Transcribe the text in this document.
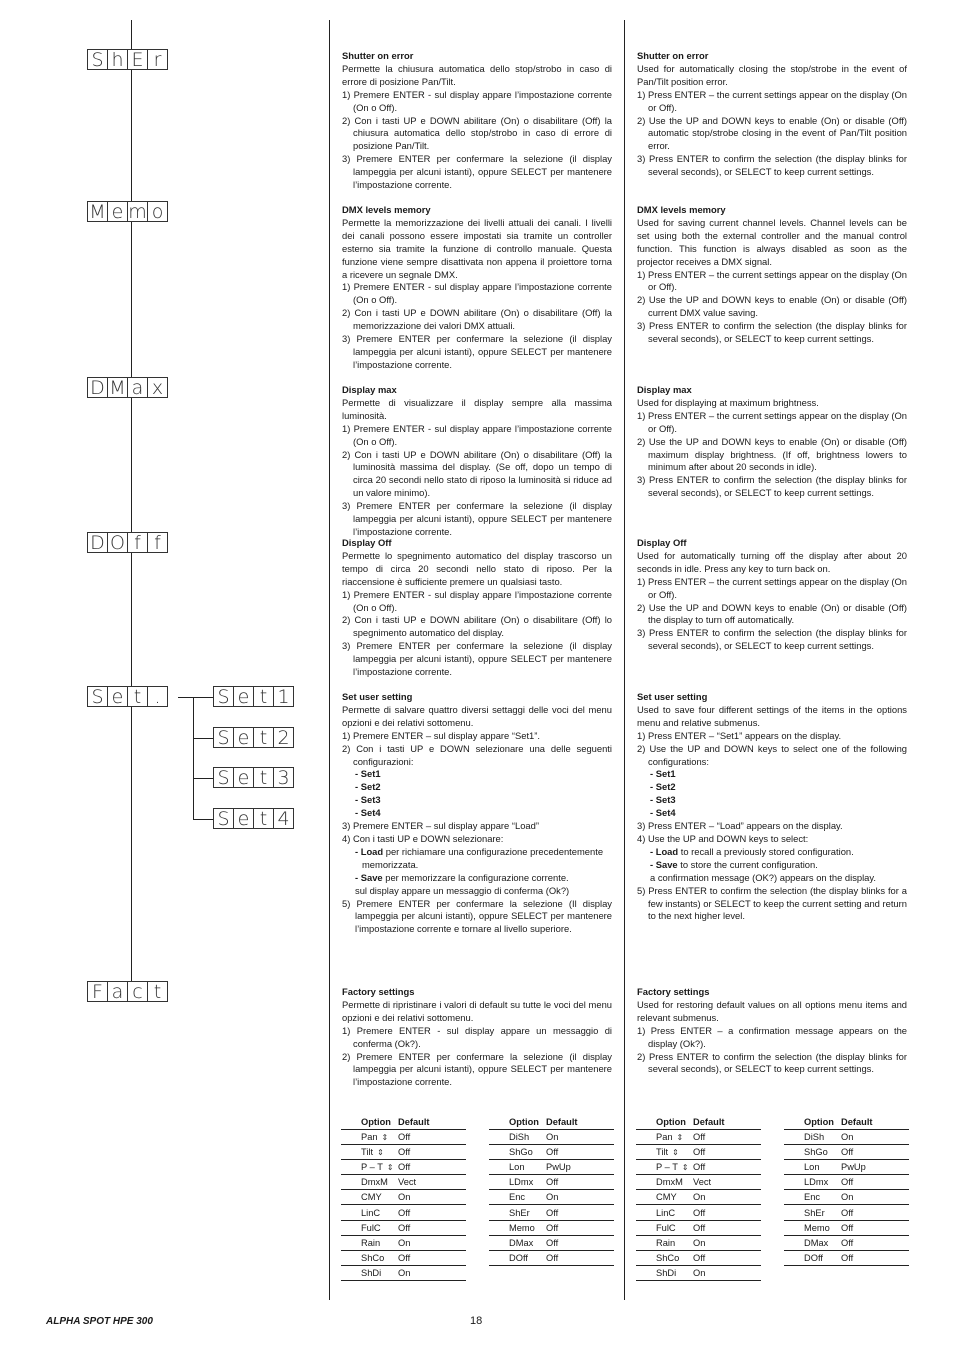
S h E r
M e m o
D M a x
D O f f
S e t .
F a c t
S e t 1
S e t 2
S e t 3
S e t 4
Shutter on error

Permette la chiusura automatica dello stop/strobo in caso di errore di posizione Pan/Tilt.

1) Premere ENTER - sul display appare l’impostazione corrente (On o Off).
2) Con i tasti UP e DOWN abilitare (On) o disabilitare (Off) la chiusura automatica dello stop/strobo in caso di errore di posizione Pan/Tilt.
3) Premere ENTER per confermare la selezione (il display lampeggia per alcuni istanti), oppure SELECT per mantenere l’impostazione corrente.
DMX levels memory

Permette la memorizzazione dei livelli attuali dei canali. I livelli dei canali possono essere impostati sia tramite un controller esterno sia tramite la funzione di controllo manuale. Questa funzione viene sempre disattivata non appena il proiettore torna a ricevere un segnale DMX.

1) Premere ENTER - sul display appare l’impostazione corrente (On o Off).
2) Con i tasti UP e DOWN abilitare (On) o disabilitare (Off) la memorizzazione dei valori DMX attuali.
3) Premere ENTER per confermare la selezione (il display lampeggia per alcuni istanti), oppure SELECT per mantenere l’impostazione corrente.
Display max

Permette di visualizzare il display sempre alla massima luminosità.

1) Premere ENTER - sul display appare l’impostazione corrente (On o Off).
2) Con i tasti UP e DOWN abilitare (On) o disabilitare (Off) la luminosità massima del display. (Se off, dopo un tempo di circa 20 secondi nello stato di riposo la luminosità si riduce ad un valore minimo).
3) Premere ENTER per confermare la selezione (il display lampeggia per alcuni istanti), oppure SELECT per mantenere l’impostazione corrente.
Display Off

Permette lo spegnimento automatico del display trascorso un tempo di circa 20 secondi nello stato di riposo. Per la riaccensione è sufficiente premere un qualsiasi tasto.

1) Premere ENTER - sul display appare l’impostazione corrente (On o Off).
2) Con i tasti UP e DOWN abilitare (On) o disabilitare (Off) lo spegnimento automatico del display.
3) Premere ENTER per confermare la selezione (il display lampeggia per alcuni istanti), oppure SELECT per mantenere l’impostazione corrente.
Set user setting

Permette di salvare quattro diversi settaggi delle voci del menu opzioni e dei relativi sottomenu.

1) Premere ENTER – sul display appare “Set1”.
2) Con i tasti UP e DOWN selezionare una delle seguenti configurazioni:
- Set1
- Set2
- Set3
- Set4
3) Premere ENTER – sul display appare “Load”
4) Con i tasti UP e DOWN selezionare:
- Load per richiamare una configurazione precedentemente memorizzata.
- Save per memorizzare la configurazione corrente.
sul display appare un messaggio di conferma (Ok?)
5) Premere ENTER per confermare la selezione (Il display lampeggia per alcuni istanti), oppure SELECT per mantenere l’impostazione corrente e tornare al livello superiore.
Factory settings

Permette di ripristinare i valori di default su tutte le voci del menu opzioni e dei relativi sottomenu.

1) Premere ENTER - sul display appare un messaggio di conferma (Ok?).
2) Premere ENTER per confermare la selezione (il display lampeggia per alcuni istanti), oppure SELECT per mantenere l’impostazione corrente.
Shutter on error

Used for automatically closing the stop/strobe in the event of Pan/Tilt position error.

1) Press ENTER – the current settings appear on the display (On or Off).
2) Use the UP and DOWN keys to enable (On) or disable (Off) automatic stop/strobe closing in the event of Pan/Tilt position error.
3) Press ENTER to confirm the selection (the display blinks for several seconds), or SELECT to keep current settings.
DMX levels memory

Used for saving current channel levels. Channel levels can be set using both the external controller and the manual control function. This function is always disabled as soon as the projector receives a DMX signal.

1) Press ENTER – the current settings appear on the display (On or Off).
2) Use the UP and DOWN keys to enable (On) or disable (Off) current DMX value saving.
3) Press ENTER to confirm the selection (the display blinks for several seconds), or SELECT to keep current settings.
Display max

Used for displaying at maximum brightness.

1) Press ENTER – the current settings appear on the display (On or Off).
2) Use the UP and DOWN keys to enable (On) or disable (Off) maximum display brightness. (If off, brightness lowers to minimum after about 20 seconds in idle).
3) Press ENTER to confirm the selection (the display blinks for several seconds), or SELECT to keep current settings.
Display Off

Used for automatically turning off the display after about 20 seconds in idle. Press any key to turn back on.

1) Press ENTER – the current settings appear on the display (On or Off).
2) Use the UP and DOWN keys to enable (On) or disable (Off) the display to turn off automatically.
3) Press ENTER to confirm the selection (the display blinks for several seconds), or SELECT to keep current settings.
Set user setting

Used to save four different settings of the items in the options menu and relative submenus.

1) Press ENTER – “Set1” appears on the display.
2) Use the UP and DOWN keys to select one of the following configurations:
- Set1
- Set2
- Set3
- Set4
3) Press ENTER – “Load” appears on the display.
4) Use the UP and DOWN keys to select:
- Load to recall a previously stored configuration.
- Save to store the current configuration.
a confirmation message (OK?) appears on the display.
5) Press ENTER to confirm the selection (the display blinks for a few instants) or SELECT to keep the current setting and return to the next higher level.
Factory settings

Used for restoring default values on all options menu items and relevant submenus.

1) Press ENTER – a confirmation message appears on the display (Ok?).
2) Press ENTER to confirm the selection (the display blinks for several seconds), or SELECT to keep current settings.
Option	Default
Pan ⇕	Off
Tilt ⇕	Off
P – T ⇕	Off
DmxM	Vect
CMY	On
LinC	Off
FulC	Off
Rain	On
ShCo	Off
ShDi	On
Option	Default
DiSh	On
ShGo	Off
Lon	PwUp
LDmx	Off
Enc	On
ShEr	Off
Memo	Off
DMax	Off
DOff	Off
Option	Default
Pan ⇕	Off
Tilt ⇕	Off
P – T ⇕	Off
DmxM	Vect
CMY	On
LinC	Off
FulC	Off
Rain	On
ShCo	Off
ShDi	On
Option	Default
DiSh	On
ShGo	Off
Lon	PwUp
LDmx	Off
Enc	On
ShEr	Off
Memo	Off
DMax	Off
DOff	Off
ALPHA SPOT HPE 300	18
